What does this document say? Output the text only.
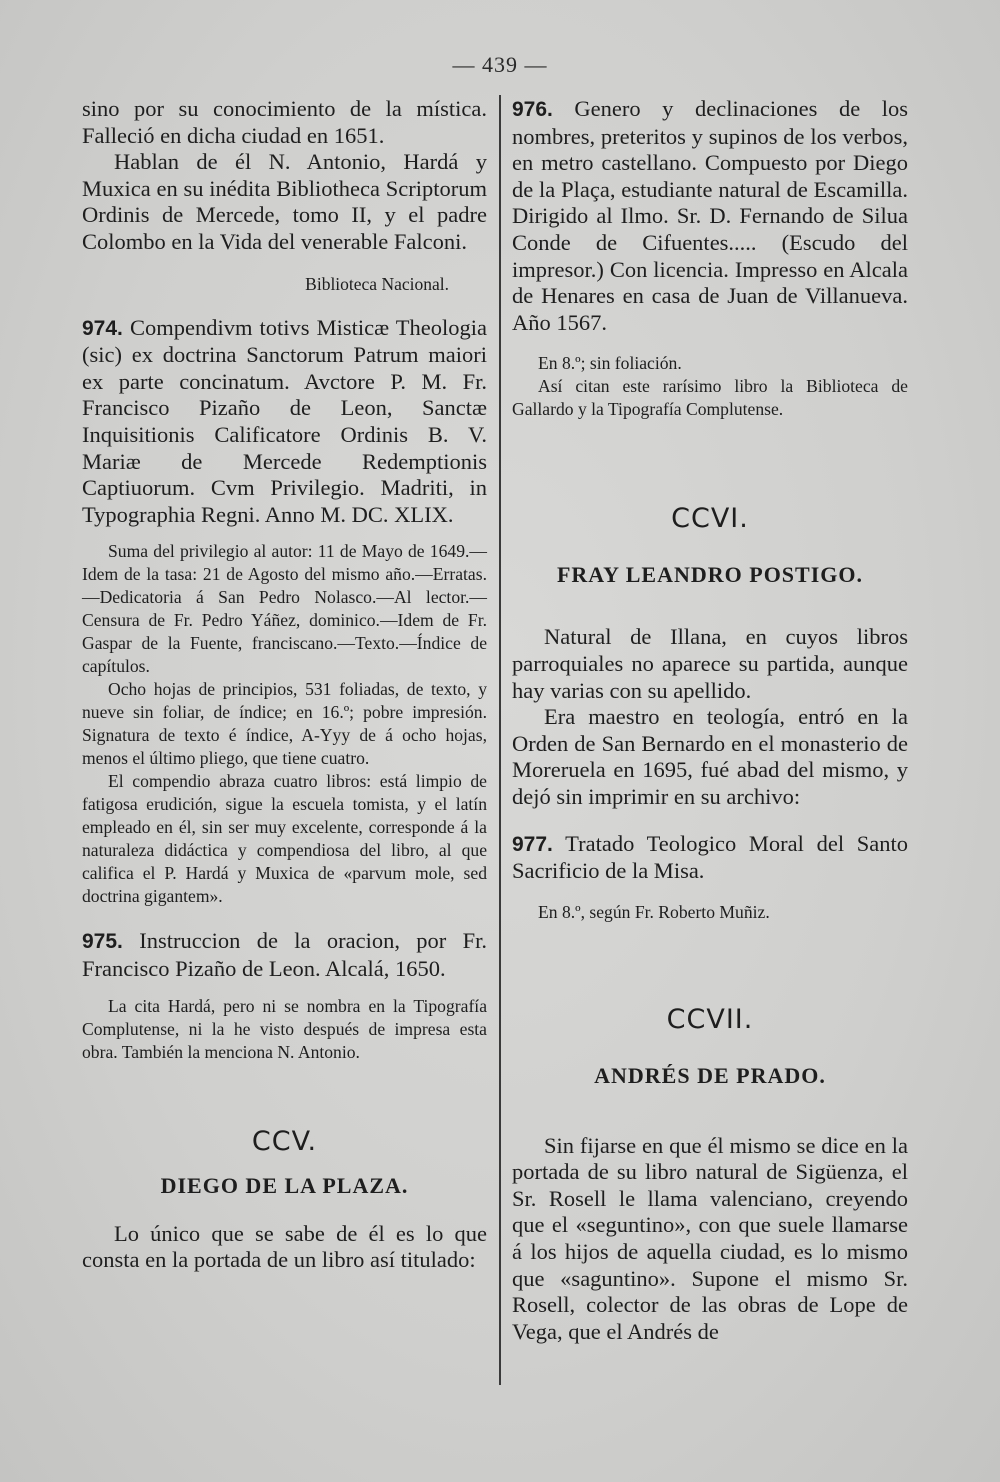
— 439 —

sino por su conocimiento de la mística. Falleció en dicha ciudad en 1651.

Hablan de él N. Antonio, Hardá y Muxica en su inédita Bibliotheca Scriptorum Ordinis de Mercede, tomo II, y el padre Colombo en la Vida del venerable Falconi.

Biblioteca Nacional.

974. Compendivm totivs Misticæ Theologia (sic) ex doctrina Sanctorum Patrum maiori ex parte concinatum. Avctore P. M. Fr. Francisco Pizaño de Leon, Sanctæ Inquisitionis Calificatore Ordinis B. V. Mariæ de Mercede Redemptionis Captiuorum. Cvm Privilegio. Madriti, in Typographia Regni. Anno M. DC. XLIX.

Suma del privilegio al autor: 11 de Mayo de 1649.—Idem de la tasa: 21 de Agosto del mismo año.—Erratas.—Dedicatoria á San Pedro Nolasco.—Al lector.—Censura de Fr. Pedro Yáñez, dominico.—Idem de Fr. Gaspar de la Fuente, franciscano.—Texto.—Índice de capítulos.

Ocho hojas de principios, 531 foliadas, de texto, y nueve sin foliar, de índice; en 16.º; pobre impresión. Signatura de texto é índice, A-Yyy de á ocho hojas, menos el último pliego, que tiene cuatro.

El compendio abraza cuatro libros: está limpio de fatigosa erudición, sigue la escuela tomista, y el latín empleado en él, sin ser muy excelente, corresponde á la naturaleza didáctica y compendiosa del libro, al que califica el P. Hardá y Muxica de «parvum mole, sed doctrina gigantem».

975. Instruccion de la oracion, por Fr. Francisco Pizaño de Leon. Alcalá, 1650.

La cita Hardá, pero ni se nombra en la Tipografía Complutense, ni la he visto después de impresa esta obra. También la menciona N. Antonio.

CCV.
DIEGO DE LA PLAZA.

Lo único que se sabe de él es lo que consta en la portada de un libro así titulado:

976. Genero y declinaciones de los nombres, preteritos y supinos de los verbos, en metro castellano. Compuesto por Diego de la Plaça, estudiante natural de Escamilla. Dirigido al Ilmo. Sr. D. Fernando de Silua Conde de Cifuentes..... (Escudo del impresor.) Con licencia. Impresso en Alcala de Henares en casa de Juan de Villanueva. Año 1567.

En 8.º; sin foliación.

Así citan este rarísimo libro la Biblioteca de Gallardo y la Tipografía Complutense.

CCVI.
FRAY LEANDRO POSTIGO.

Natural de Illana, en cuyos libros parroquiales no aparece su partida, aunque hay varias con su apellido.

Era maestro en teología, entró en la Orden de San Bernardo en el monasterio de Moreruela en 1695, fué abad del mismo, y dejó sin imprimir en su archivo:

977. Tratado Teologico Moral del Santo Sacrificio de la Misa.

En 8.º, según Fr. Roberto Muñiz.

CCVII.
ANDRÉS DE PRADO.

Sin fijarse en que él mismo se dice en la portada de su libro natural de Sigüenza, el Sr. Rosell le llama valenciano, creyendo que el «seguntino», con que suele llamarse á los hijos de aquella ciudad, es lo mismo que «saguntino». Supone el mismo Sr. Rosell, colector de las obras de Lope de Vega, que el Andrés de
